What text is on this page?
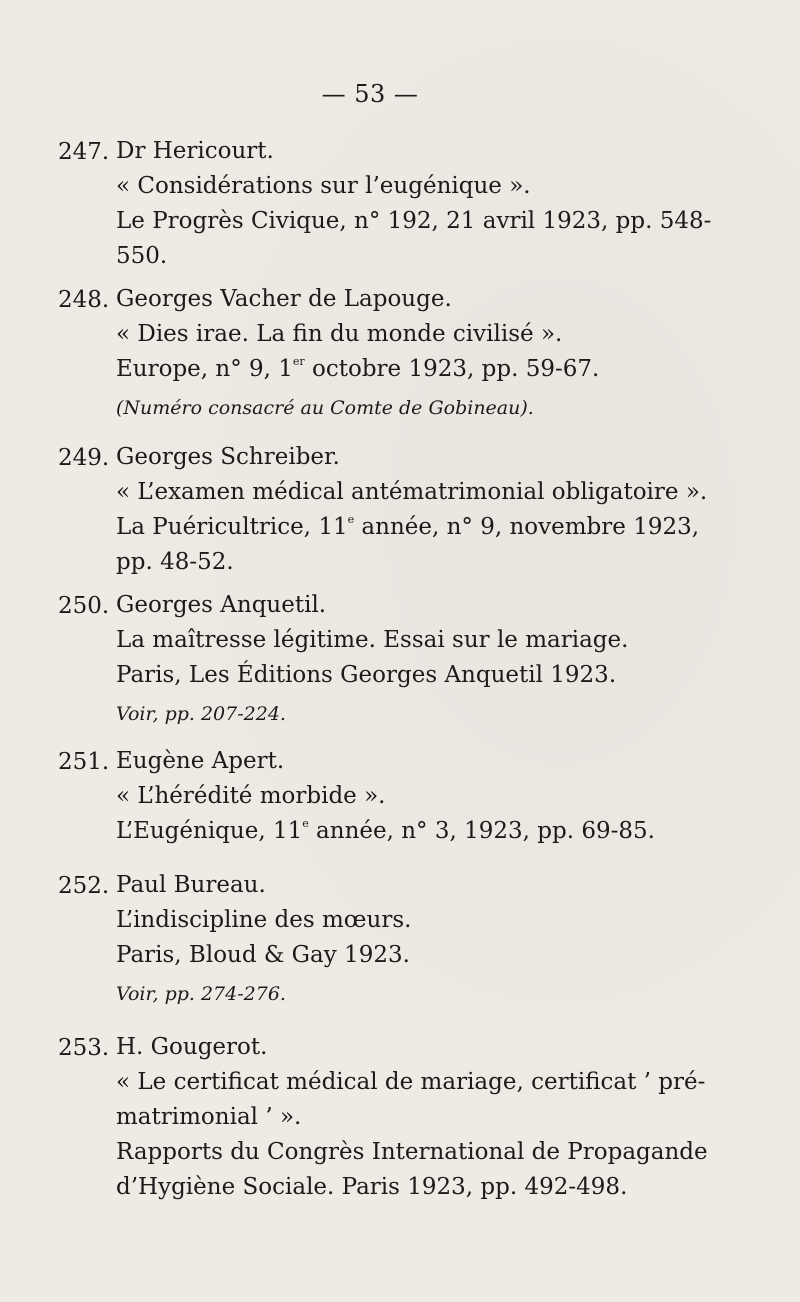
— 53 —
247. Dr Hericourt.
« Considérations sur l’eugénique ».
Le Progrès Civique, n° 192, 21 avril 1923, pp. 548-
550.
248. Georges Vacher de Lapouge.
« Dies irae. La fin du monde civilisé ».
Europe, n° 9, 1er octobre 1923, pp. 59-67.
(Numéro consacré au Comte de Gobineau).
249. Georges Schreiber.
« L’examen médical antématrimonial obligatoire ».
La Puéricultrice, 11e année, n° 9, novembre 1923,
pp. 48-52.
250. Georges Anquetil.
La maîtresse légitime. Essai sur le mariage.
Paris, Les Éditions Georges Anquetil 1923.
Voir, pp. 207-224.
251. Eugène Apert.
« L’hérédité morbide ».
L’Eugénique, 11e année, n° 3, 1923, pp. 69-85.
252. Paul Bureau.
L’indiscipline des mœurs.
Paris, Bloud & Gay 1923.
Voir, pp. 274-276.
253. H. Gougerot.
« Le certificat médical de mariage, certificat ’ pré-
matrimonial ’ ».
Rapports du Congrès International de Propagande
d’Hygiène Sociale. Paris 1923, pp. 492-498.
